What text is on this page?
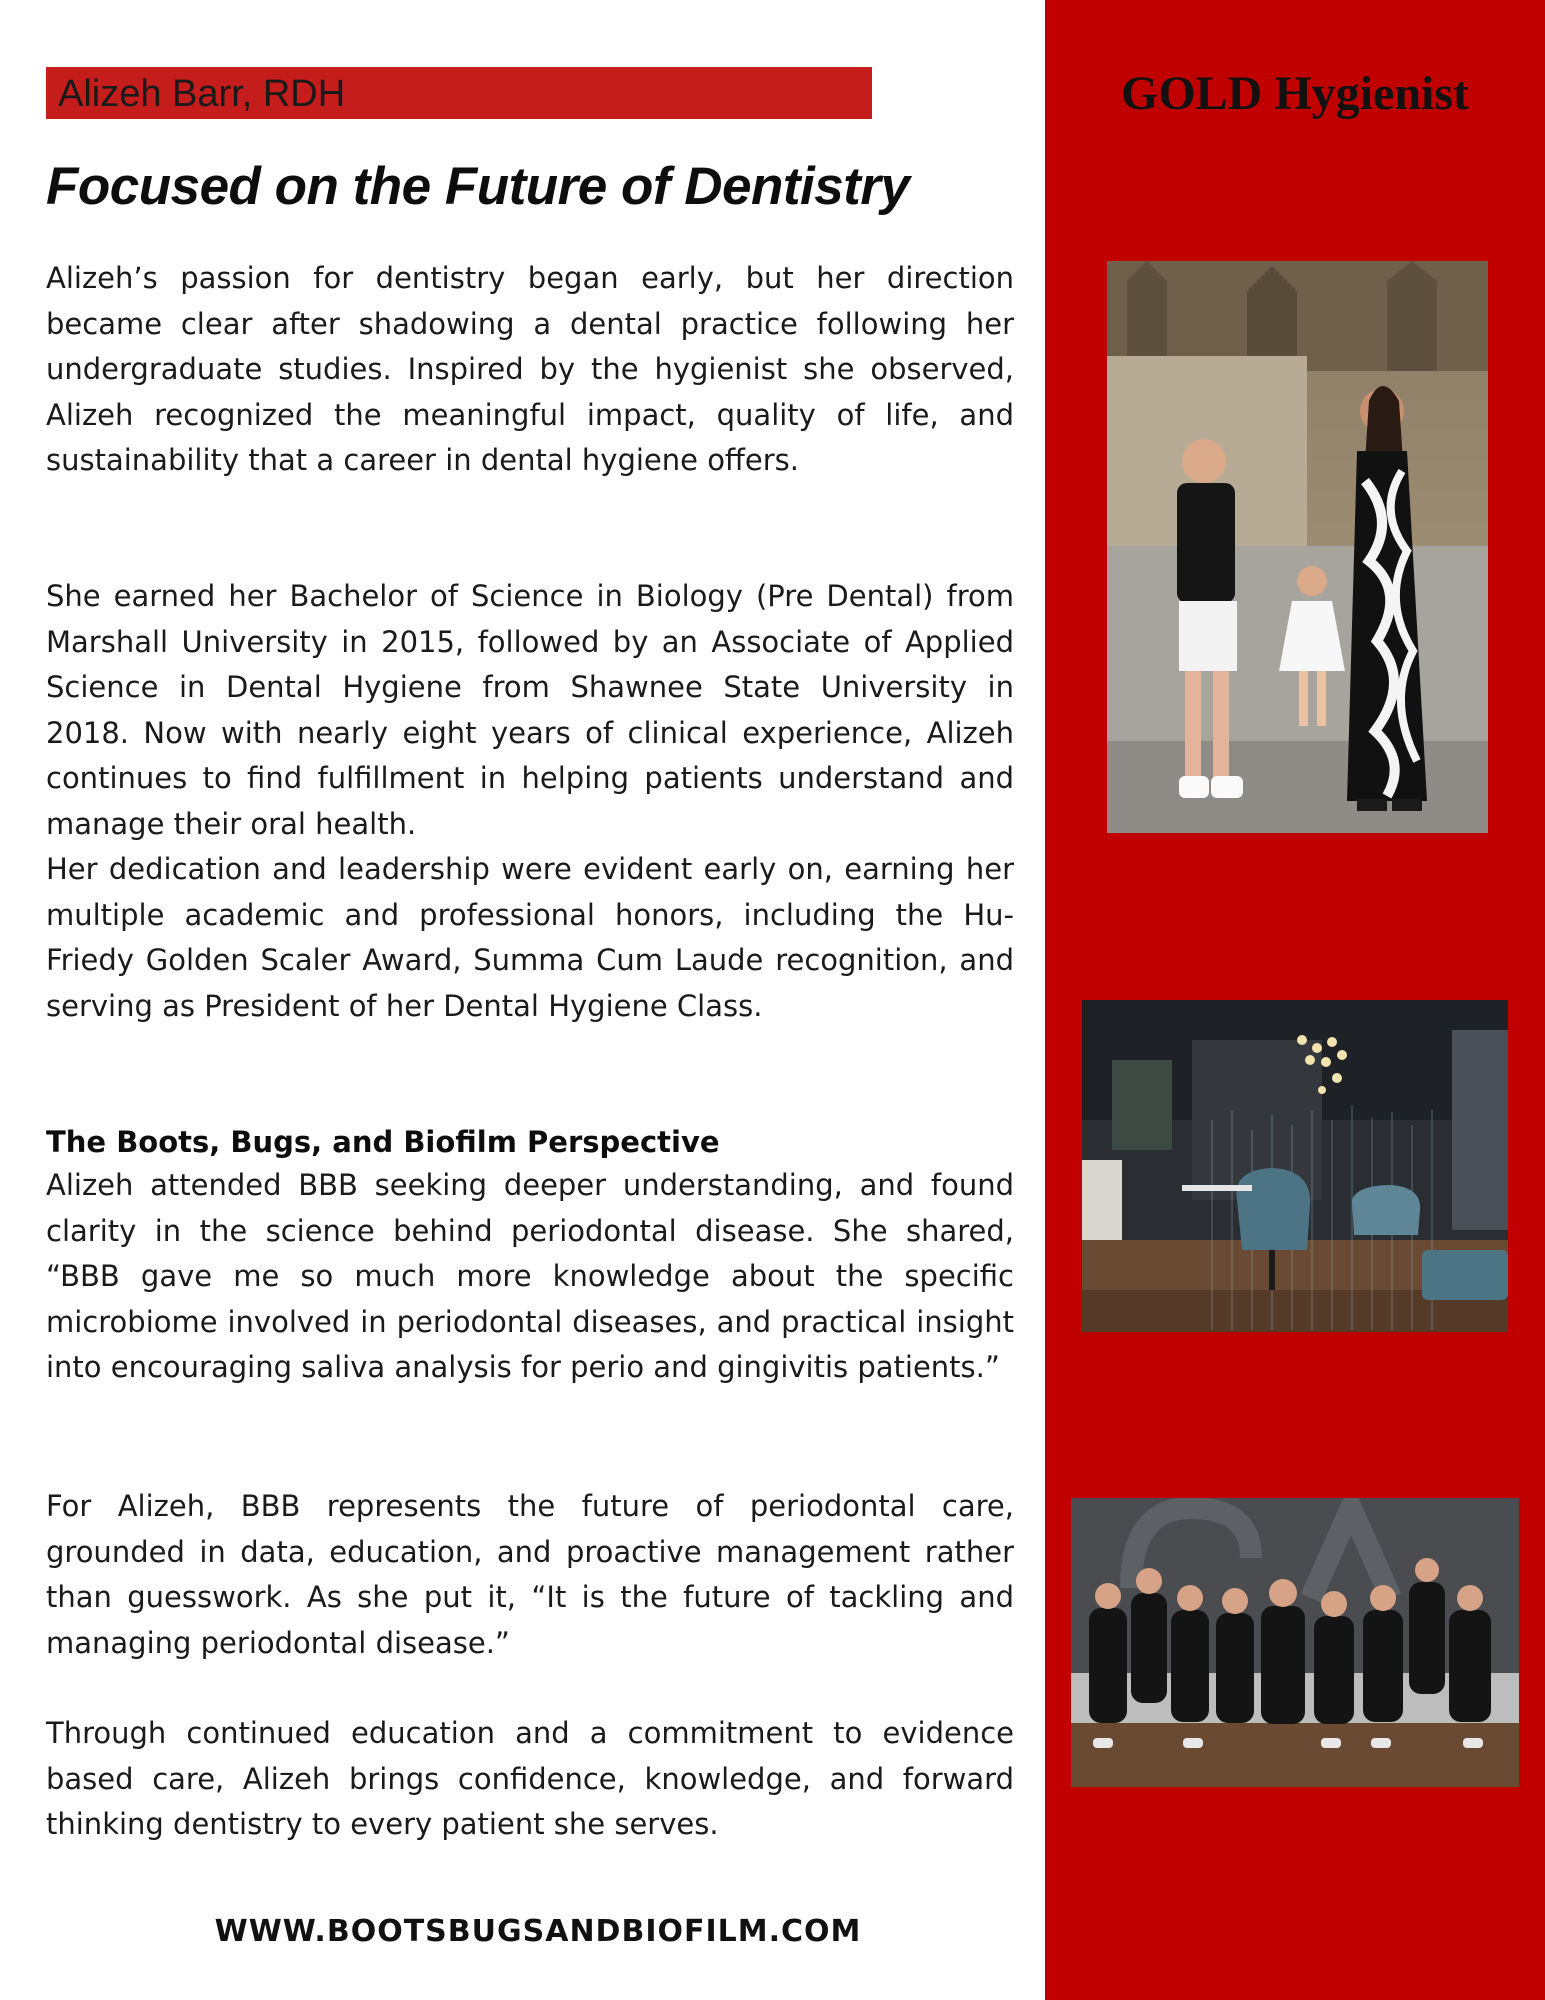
Alizeh Barr, RDH	GOLD Hygienist
Focused on the Future of Dentistry
Alizeh’s passion for dentistry began early, but her direction became clear after shadowing a dental practice following her undergraduate studies. Inspired by the hygienist she observed, Alizeh recognized the meaningful impact, quality of life, and sustainability that a career in dental hygiene offers.
She earned her Bachelor of Science in Biology (Pre Dental) from Marshall University in 2015, followed by an Associate of Applied Science in Dental Hygiene from Shawnee State University in 2018. Now with nearly eight years of clinical experience, Alizeh continues to find fulfillment in helping patients understand and manage their oral health.
Her dedication and leadership were evident early on, earning her multiple academic and professional honors, including the Hu-Friedy Golden Scaler Award, Summa Cum Laude recognition, and serving as President of her Dental Hygiene Class.
The Boots, Bugs, and Biofilm Perspective
Alizeh attended BBB seeking deeper understanding, and found clarity in the science behind periodontal disease. She shared, “BBB gave me so much more knowledge about the specific microbiome involved in periodontal diseases, and practical insight into encouraging saliva analysis for perio and gingivitis patients.”
For Alizeh, BBB represents the future of periodontal care, grounded in data, education, and proactive management rather than guesswork. As she put it, “It is the future of tackling and managing periodontal disease.”
Through continued education and a commitment to evidence based care, Alizeh brings confidence, knowledge, and forward thinking dentistry to every patient she serves.
WWW.BOOTSBUGSANDBIOFILM.COM
